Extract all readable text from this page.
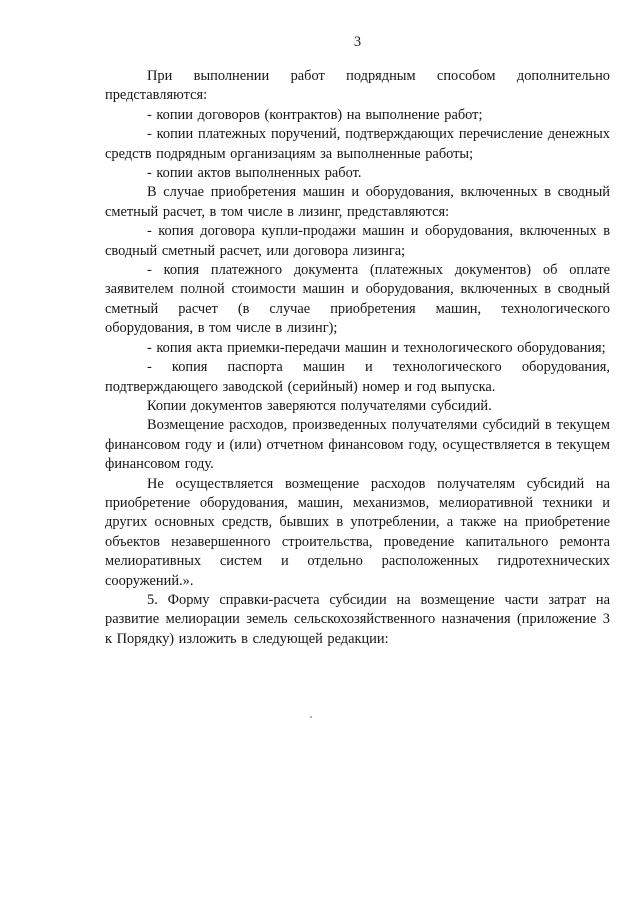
3

При выполнении работ подрядным способом дополнительно представляются:

- копии договоров (контрактов) на выполнение работ;

- копии платежных поручений, подтверждающих перечисление денежных средств подрядным организациям за выполненные работы;

- копии актов выполненных работ.

В случае приобретения машин и оборудования, включенных в сводный сметный расчет, в том числе в лизинг, представляются:

- копия договора купли-продажи машин и оборудования, включенных в сводный сметный расчет, или договора лизинга;

- копия платежного документа (платежных документов) об оплате заявителем полной стоимости машин и оборудования, включенных в сводный сметный расчет (в случае приобретения машин, технологического оборудования, в том числе в лизинг);

- копия акта приемки-передачи машин и технологического оборудования;

- копия паспорта машин и технологического оборудования, подтверждающего заводской (серийный) номер и год выпуска.

Копии документов заверяются получателями субсидий.

Возмещение расходов, произведенных получателями субсидий в текущем финансовом году и (или) отчетном финансовом году, осуществляется в текущем финансовом году.

Не осуществляется возмещение расходов получателям субсидий на приобретение оборудования, машин, механизмов, мелиоративной техники и других основных средств, бывших в употреблении, а также на приобретение объектов незавершенного строительства, проведение капитального ремонта мелиоративных систем и отдельно расположенных гидротехнических сооружений.».

5. Форму справки-расчета субсидии на возмещение части затрат на развитие мелиорации земель сельскохозяйственного назначения (приложение 3 к Порядку) изложить в следующей редакции:
